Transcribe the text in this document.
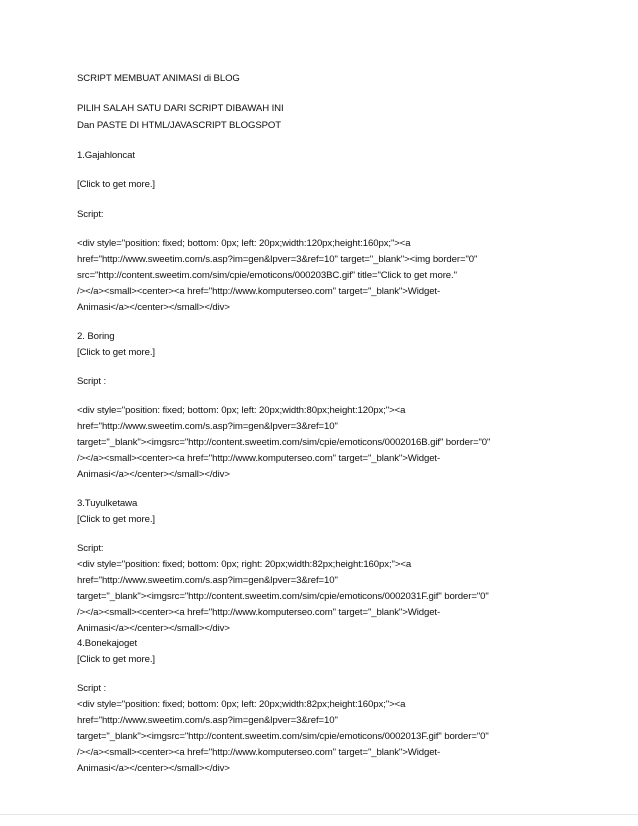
SCRIPT MEMBUAT ANIMASI di BLOG
PILIH SALAH SATU DARI SCRIPT DIBAWAH INI
Dan PASTE DI HTML/JAVASCRIPT BLOGSPOT
1.Gajahloncat
[Click to get more.]
Script:
<div style="position: fixed; bottom: 0px; left: 20px;width:120px;height:160px;"><a
href="http://www.sweetim.com/s.asp?im=gen&lpver=3&ref=10" target="_blank"><img border="0"
src="http://content.sweetim.com/sim/cpie/emoticons/000203BC.gif" title="Click to get more."
/></a><small><center><a href="http://www.komputerseo.com" target="_blank">Widget-
Animasi</a></center></small></div>
2. Boring
[Click to get more.]
Script :
<div style="position: fixed; bottom: 0px; left: 20px;width:80px;height:120px;"><a
href="http://www.sweetim.com/s.asp?im=gen&lpver=3&ref=10"
target="_blank"><imgsrc="http://content.sweetim.com/sim/cpie/emoticons/0002016B.gif" border="0"
/></a><small><center><a href="http://www.komputerseo.com" target="_blank">Widget-
Animasi</a></center></small></div>
3.Tuyulketawa
[Click to get more.]
Script:
<div style="position: fixed; bottom: 0px; right: 20px;width:82px;height:160px;"><a
href="http://www.sweetim.com/s.asp?im=gen&lpver=3&ref=10"
target="_blank"><imgsrc="http://content.sweetim.com/sim/cpie/emoticons/0002031F.gif" border="0"
/></a><small><center><a href="http://www.komputerseo.com" target="_blank">Widget-
Animasi</a></center></small></div>
4.Bonekajoget
[Click to get more.]
Script :
<div style="position: fixed; bottom: 0px; left: 20px;width:82px;height:160px;"><a
href="http://www.sweetim.com/s.asp?im=gen&lpver=3&ref=10"
target="_blank"><imgsrc="http://content.sweetim.com/sim/cpie/emoticons/0002013F.gif" border="0"
/></a><small><center><a href="http://www.komputerseo.com" target="_blank">Widget-
Animasi</a></center></small></div>
